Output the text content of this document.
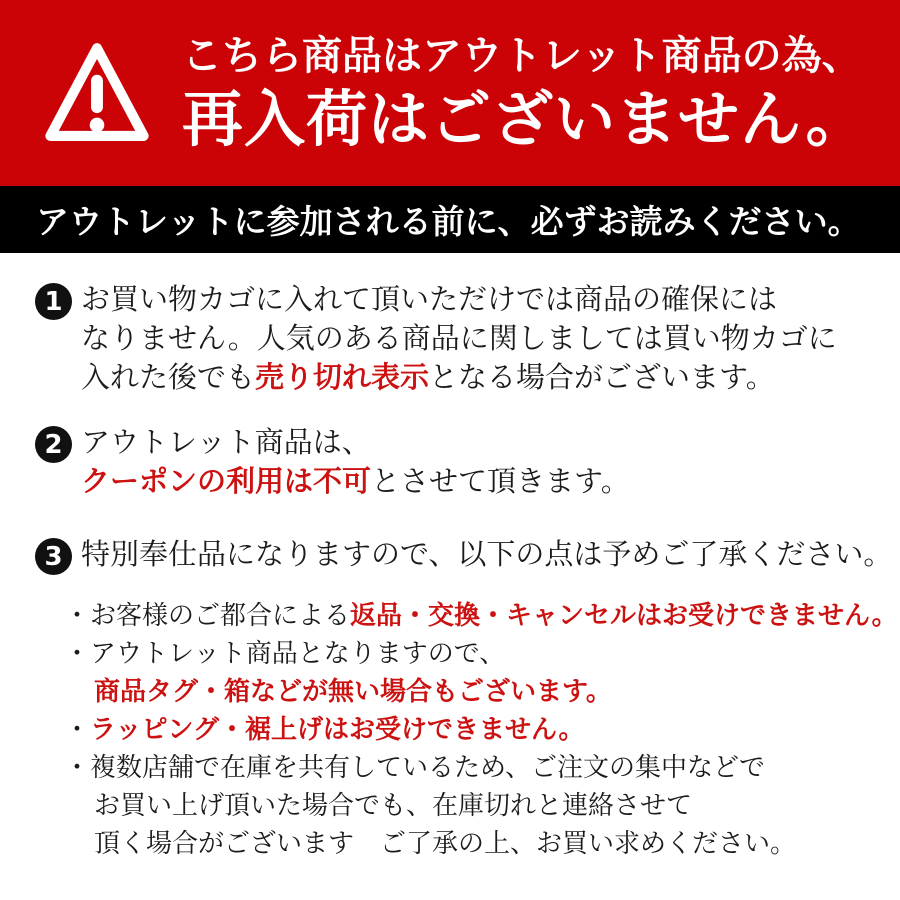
こちら商品はアウトレット商品の為、
再入荷はございません。
アウトレットに参加される前に、必ずお読みください。
1 お買い物カゴに入れて頂いただけでは商品の確保には
なりません。人気のある商品に関しましては買い物カゴに
入れた後でも売り切れ表示となる場合がございます。
2 アウトレット商品は、
クーポンの利用は不可とさせて頂きます。
3 特別奉仕品になりますので、以下の点は予めご了承ください。
・お客様のご都合による返品・交換・キャンセルはお受けできません。
・アウトレット商品となりますので、
商品タグ・箱などが無い場合もございます。
・ラッピング・裾上げはお受けできません。
・複数店舗で在庫を共有しているため、ご注文の集中などで
お買い上げ頂いた場合でも、在庫切れと連絡させて
頂く場合がございます　ご了承の上、お買い求めください。
